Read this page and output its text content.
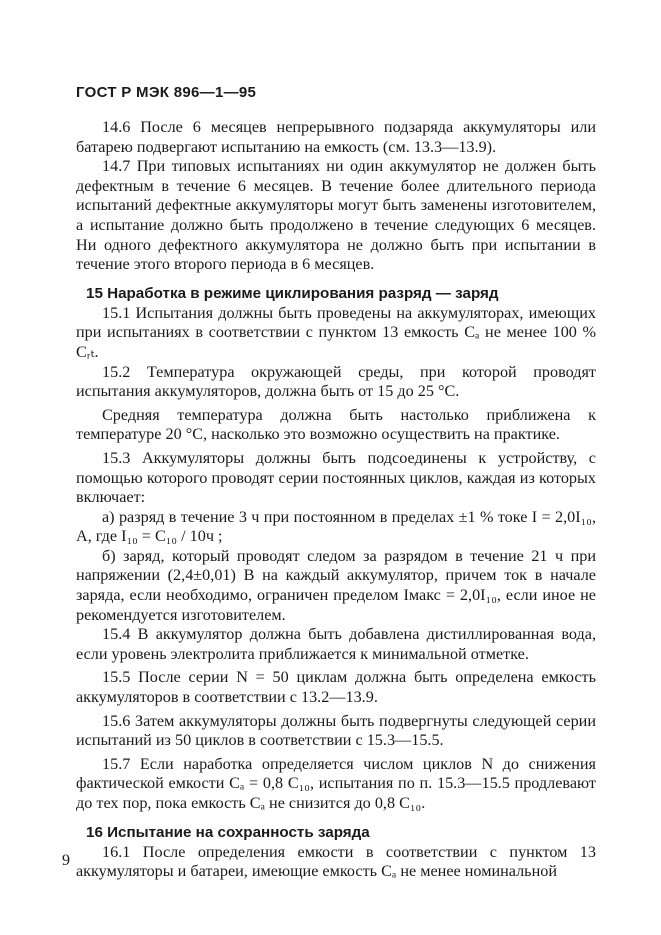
ГОСТ Р МЭК 896—1—95

14.6 После 6 месяцев непрерывного подзаряда аккумуляторы или батарею подвергают испытанию на емкость (см. 13.3—13.9).

14.7 При типовых испытаниях ни один аккумулятор не должен быть дефектным в течение 6 месяцев. В течение более длительного периода испытаний дефектные аккумуляторы могут быть заменены изготовителем, а испытание должно быть продолжено в течение следующих 6 месяцев. Ни одного дефектного аккумулятора не должно быть при испытании в течение этого второго периода в 6 месяцев.

15 Наработка в режиме циклирования разряд — заряд

15.1 Испытания должны быть проведены на аккумуляторах, имеющих при испытаниях в соответствии с пунктом 13 емкость Cₐ не менее 100 % Cᵣₜ.

15.2 Температура окружающей среды, при которой проводят испытания аккумуляторов, должна быть от 15 до 25 °С.

Средняя температура должна быть настолько приближена к температуре 20 °С, насколько это возможно осуществить на практике.

15.3 Аккумуляторы должны быть подсоединены к устройству, с помощью которого проводят серии постоянных циклов, каждая из которых включает:

а) разряд в течение 3 ч при постоянном в пределах ±1 % токе I = 2,0I₁₀, А, где I₁₀ = C₁₀ / 10ч ;

б) заряд, который проводят следом за разрядом в течение 21 ч при напряжении (2,4±0,01) В на каждый аккумулятор, причем ток в начале заряда, если необходимо, ограничен пределом Iмакс = 2,0I₁₀, если иное не рекомендуется изготовителем.

15.4 В аккумулятор должна быть добавлена дистиллированная вода, если уровень электролита приближается к минимальной отметке.

15.5 После серии N = 50 циклам должна быть определена емкость аккумуляторов в соответствии с 13.2—13.9.

15.6 Затем аккумуляторы должны быть подвергнуты следующей серии испытаний из 50 циклов в соответствии с 15.3—15.5.

15.7 Если наработка определяется числом циклов N до снижения фактической емкости Cₐ = 0,8 C₁₀, испытания по п. 15.3—15.5 продлевают до тех пор, пока емкость Cₐ не снизится до 0,8 C₁₀.

16 Испытание на сохранность заряда

16.1 После определения емкости в соответствии с пунктом 13 аккумуляторы и батареи, имеющие емкость Cₐ не менее номинальной

9
